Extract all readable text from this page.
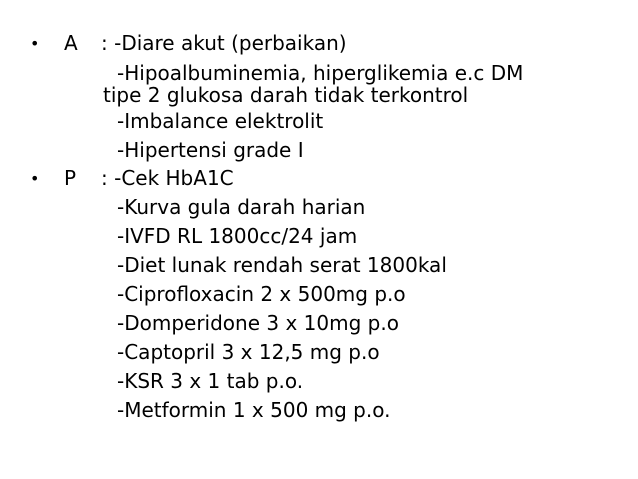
• A : -Diare akut (perbaikan)
-Hipoalbuminemia, hiperglikemia e.c DM
tipe 2 glukosa darah tidak terkontrol
-Imbalance elektrolit
-Hipertensi grade I
• P : -Cek HbA1C
-Kurva gula darah harian
-IVFD RL 1800cc/24 jam
-Diet lunak rendah serat 1800kal
-Ciprofloxacin 2 x 500mg p.o
-Domperidone 3 x 10mg p.o
-Captopril 3 x 12,5 mg p.o
-KSR 3 x 1 tab p.o.
-Metformin 1 x 500 mg p.o.
